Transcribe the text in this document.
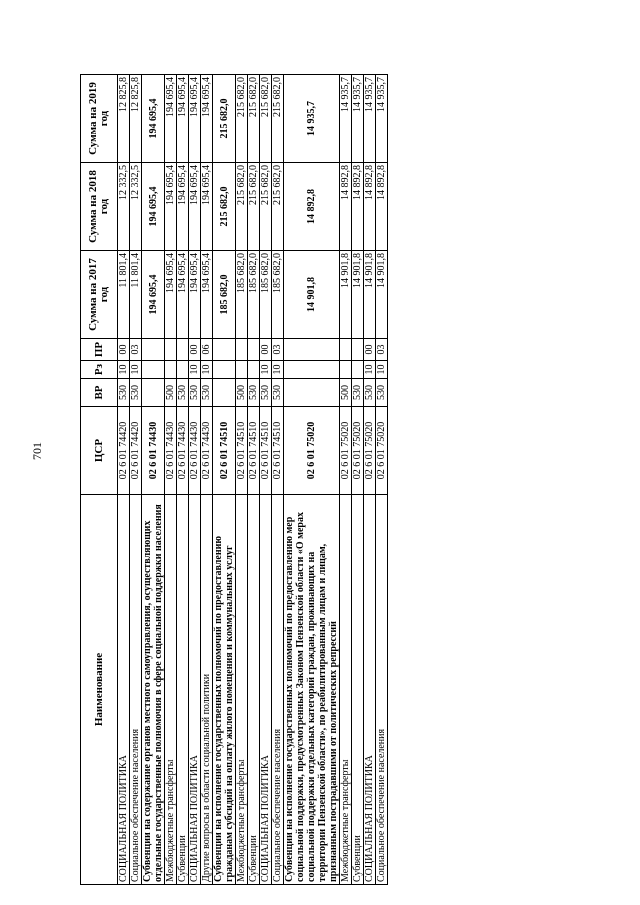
701
Наименование	ЦСР	ВР	Рз	ПР	Сумма на 2017 год	Сумма на 2018 год	Сумма на 2019 год
СОЦИАЛЬНАЯ ПОЛИТИКА	02 6 01 74420	530	10	00	11 801,4	12 332,5	12 825,8
Социальное обеспечение населения	02 6 01 74420	530	10	03	11 801,4	12 332,5	12 825,8
Субвенции на содержание органов местного самоуправления, осуществляющих отдельные государственные полномочия в сфере социальной поддержки населения	02 6 01 74430				194 695,4	194 695,4	194 695,4
Межбюджетные трансферты	02 6 01 74430	500			194 695,4	194 695,4	194 695,4
Субвенции	02 6 01 74430	530			194 695,4	194 695,4	194 695,4
СОЦИАЛЬНАЯ ПОЛИТИКА	02 6 01 74430	530	10	00	194 695,4	194 695,4	194 695,4
Другие вопросы в области социальной политики	02 6 01 74430	530	10	06	194 695,4	194 695,4	194 695,4
Субвенции на исполнение государственных полномочий по предоставлению гражданам субсидий на оплату жилого помещения и коммунальных услуг	02 6 01 74510				185 682,0	215 682,0	215 682,0
Межбюджетные трансферты	02 6 01 74510	500			185 682,0	215 682,0	215 682,0
Субвенции	02 6 01 74510	530			185 682,0	215 682,0	215 682,0
СОЦИАЛЬНАЯ ПОЛИТИКА	02 6 01 74510	530	10	00	185 682,0	215 682,0	215 682,0
Социальное обеспечение населения	02 6 01 74510	530	10	03	185 682,0	215 682,0	215 682,0
Субвенции на исполнение государственных полномочий по предоставлению мер социальной поддержки, предусмотренных Законом Пензенской области «О мерах социальной поддержки отдельных категорий граждан, проживающих на территории Пензенской области», по реабилитированным лицам и лицам, признанным пострадавшими от политических репрессий	02 6 01 75020				14 901,8	14 892,8	14 935,7
Межбюджетные трансферты	02 6 01 75020	500			14 901,8	14 892,8	14 935,7
Субвенции	02 6 01 75020	530			14 901,8	14 892,8	14 935,7
СОЦИАЛЬНАЯ ПОЛИТИКА	02 6 01 75020	530	10	00	14 901,8	14 892,8	14 935,7
Социальное обеспечение населения	02 6 01 75020	530	10	03	14 901,8	14 892,8	14 935,7
